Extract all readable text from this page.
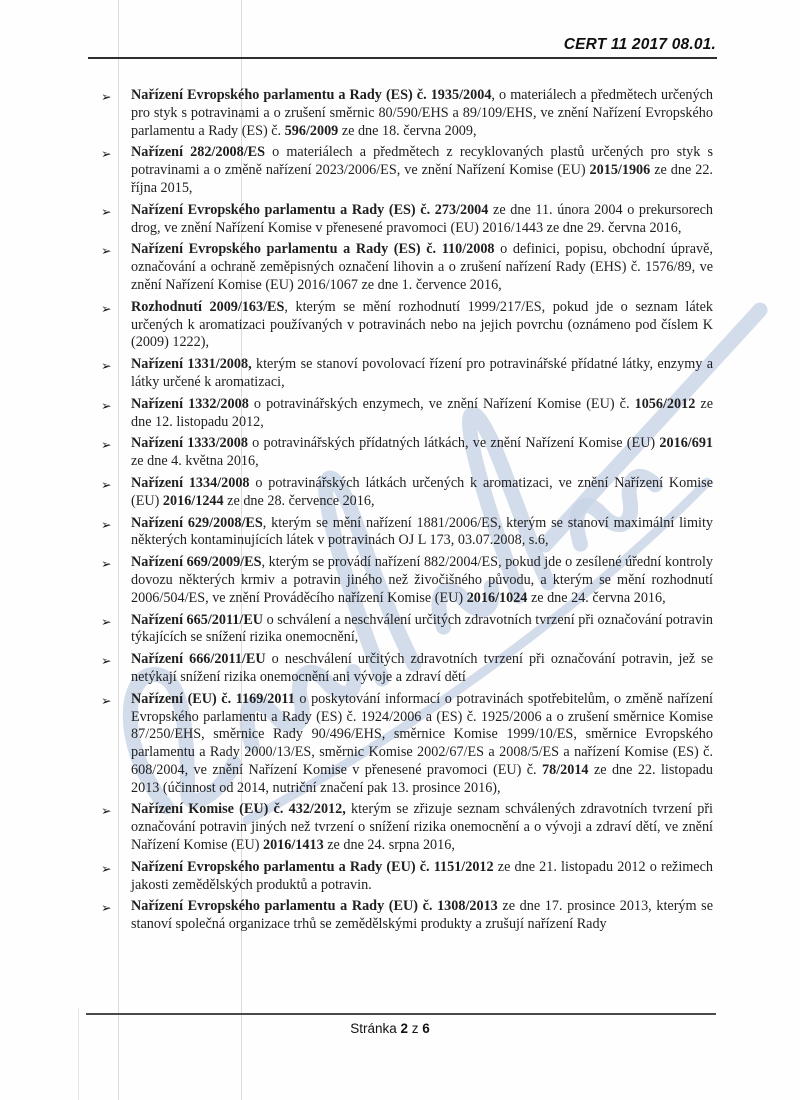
CERT 11 2017 08.01.
➢	Nařízení Evropského parlamentu a Rady (ES) č. 1935/2004, o materiálech a předmětech určených pro styk s potravinami a o zrušení směrnic 80/590/EHS a 89/109/EHS, ve znění Nařízení Evropského parlamentu a Rady (ES) č. 596/2009 ze dne 18. června 2009,
➢	Nařízení 282/2008/ES o materiálech a předmětech z recyklovaných plastů určených pro styk s potravinami a o změně nařízení 2023/2006/ES, ve znění Nařízení Komise (EU) 2015/1906 ze dne 22. října 2015,
➢	Nařízení Evropského parlamentu a Rady (ES) č. 273/2004 ze dne 11. února 2004 o prekursorech drog, ve znění Nařízení Komise v přenesené pravomoci (EU) 2016/1443 ze dne 29. června 2016,
➢	Nařízení Evropského parlamentu a Rady (ES) č. 110/2008 o definici, popisu, obchodní úpravě, označování a ochraně zeměpisných označení lihovin a o zrušení nařízení Rady (EHS) č. 1576/89, ve znění Nařízení Komise (EU) 2016/1067 ze dne 1. července 2016,
➢	Rozhodnutí 2009/163/ES, kterým se mění rozhodnutí 1999/217/ES, pokud jde o seznam látek určených k aromatizaci používaných v potravinách nebo na jejich povrchu (oznámeno pod číslem K (2009) 1222),
➢	Nařízení 1331/2008, kterým se stanoví povolovací řízení pro potravinářské přídatné látky, enzymy a látky určené k aromatizaci,
➢	Nařízení 1332/2008 o potravinářských enzymech, ve znění Nařízení Komise (EU) č. 1056/2012 ze dne 12. listopadu 2012,
➢	Nařízení 1333/2008 o potravinářských přídatných látkách, ve znění Nařízení Komise (EU) 2016/691 ze dne 4. května 2016,
➢	Nařízení 1334/2008 o potravinářských látkách určených k aromatizaci, ve znění Nařízení Komise (EU) 2016/1244 ze dne 28. července 2016,
➢	Nařízení 629/2008/ES, kterým se mění nařízení 1881/2006/ES, kterým se stanoví maximální limity některých kontaminujících látek v potravinách OJ L 173, 03.07.2008, s.6,
➢	Nařízení 669/2009/ES, kterým se provádí nařízení 882/2004/ES, pokud jde o zesílené úřední kontroly dovozu některých krmiv a potravin jiného než živočišného původu, a kterým se mění rozhodnutí 2006/504/ES, ve znění Prováděcího nařízení Komise (EU) 2016/1024 ze dne 24. června 2016,
➢	Nařízení 665/2011/EU o schválení a neschválení určitých zdravotních tvrzení při označování potravin týkajících se snížení rizika onemocnění,
➢	Nařízení 666/2011/EU o neschválení určitých zdravotních tvrzení při označování potravin, jež se netýkají snížení rizika onemocnění ani vývoje a zdraví dětí
➢	Nařízení (EU) č. 1169/2011 o poskytování informací o potravinách spotřebitelům, o změně nařízení Evropského parlamentu a Rady (ES) č. 1924/2006 a (ES) č. 1925/2006 a o zrušení směrnice Komise 87/250/EHS, směrnice Rady 90/496/EHS, směrnice Komise 1999/10/ES, směrnice Evropského parlamentu a Rady 2000/13/ES, směrnic Komise 2002/67/ES a 2008/5/ES a nařízení Komise (ES) č. 608/2004, ve znění Nařízení Komise v přenesené pravomoci (EU) č. 78/2014 ze dne 22. listopadu 2013 (účinnost od 2014, nutriční značení pak 13. prosince 2016),
➢	Nařízení Komise (EU) č. 432/2012, kterým se zřizuje seznam schválených zdravotních tvrzení při označování potravin jiných než tvrzení o snížení rizika onemocnění a o vývoji a zdraví dětí, ve znění Nařízení Komise (EU) 2016/1413 ze dne 24. srpna 2016,
➢	Nařízení Evropského parlamentu a Rady (EU) č. 1151/2012 ze dne 21. listopadu 2012 o režimech jakosti zemědělských produktů a potravin.
➢	Nařízení Evropského parlamentu a Rady (EU) č. 1308/2013 ze dne 17. prosince 2013, kterým se stanoví společná organizace trhů se zemědělskými produkty a zrušují nařízení Rady
Stránka 2 z 6
